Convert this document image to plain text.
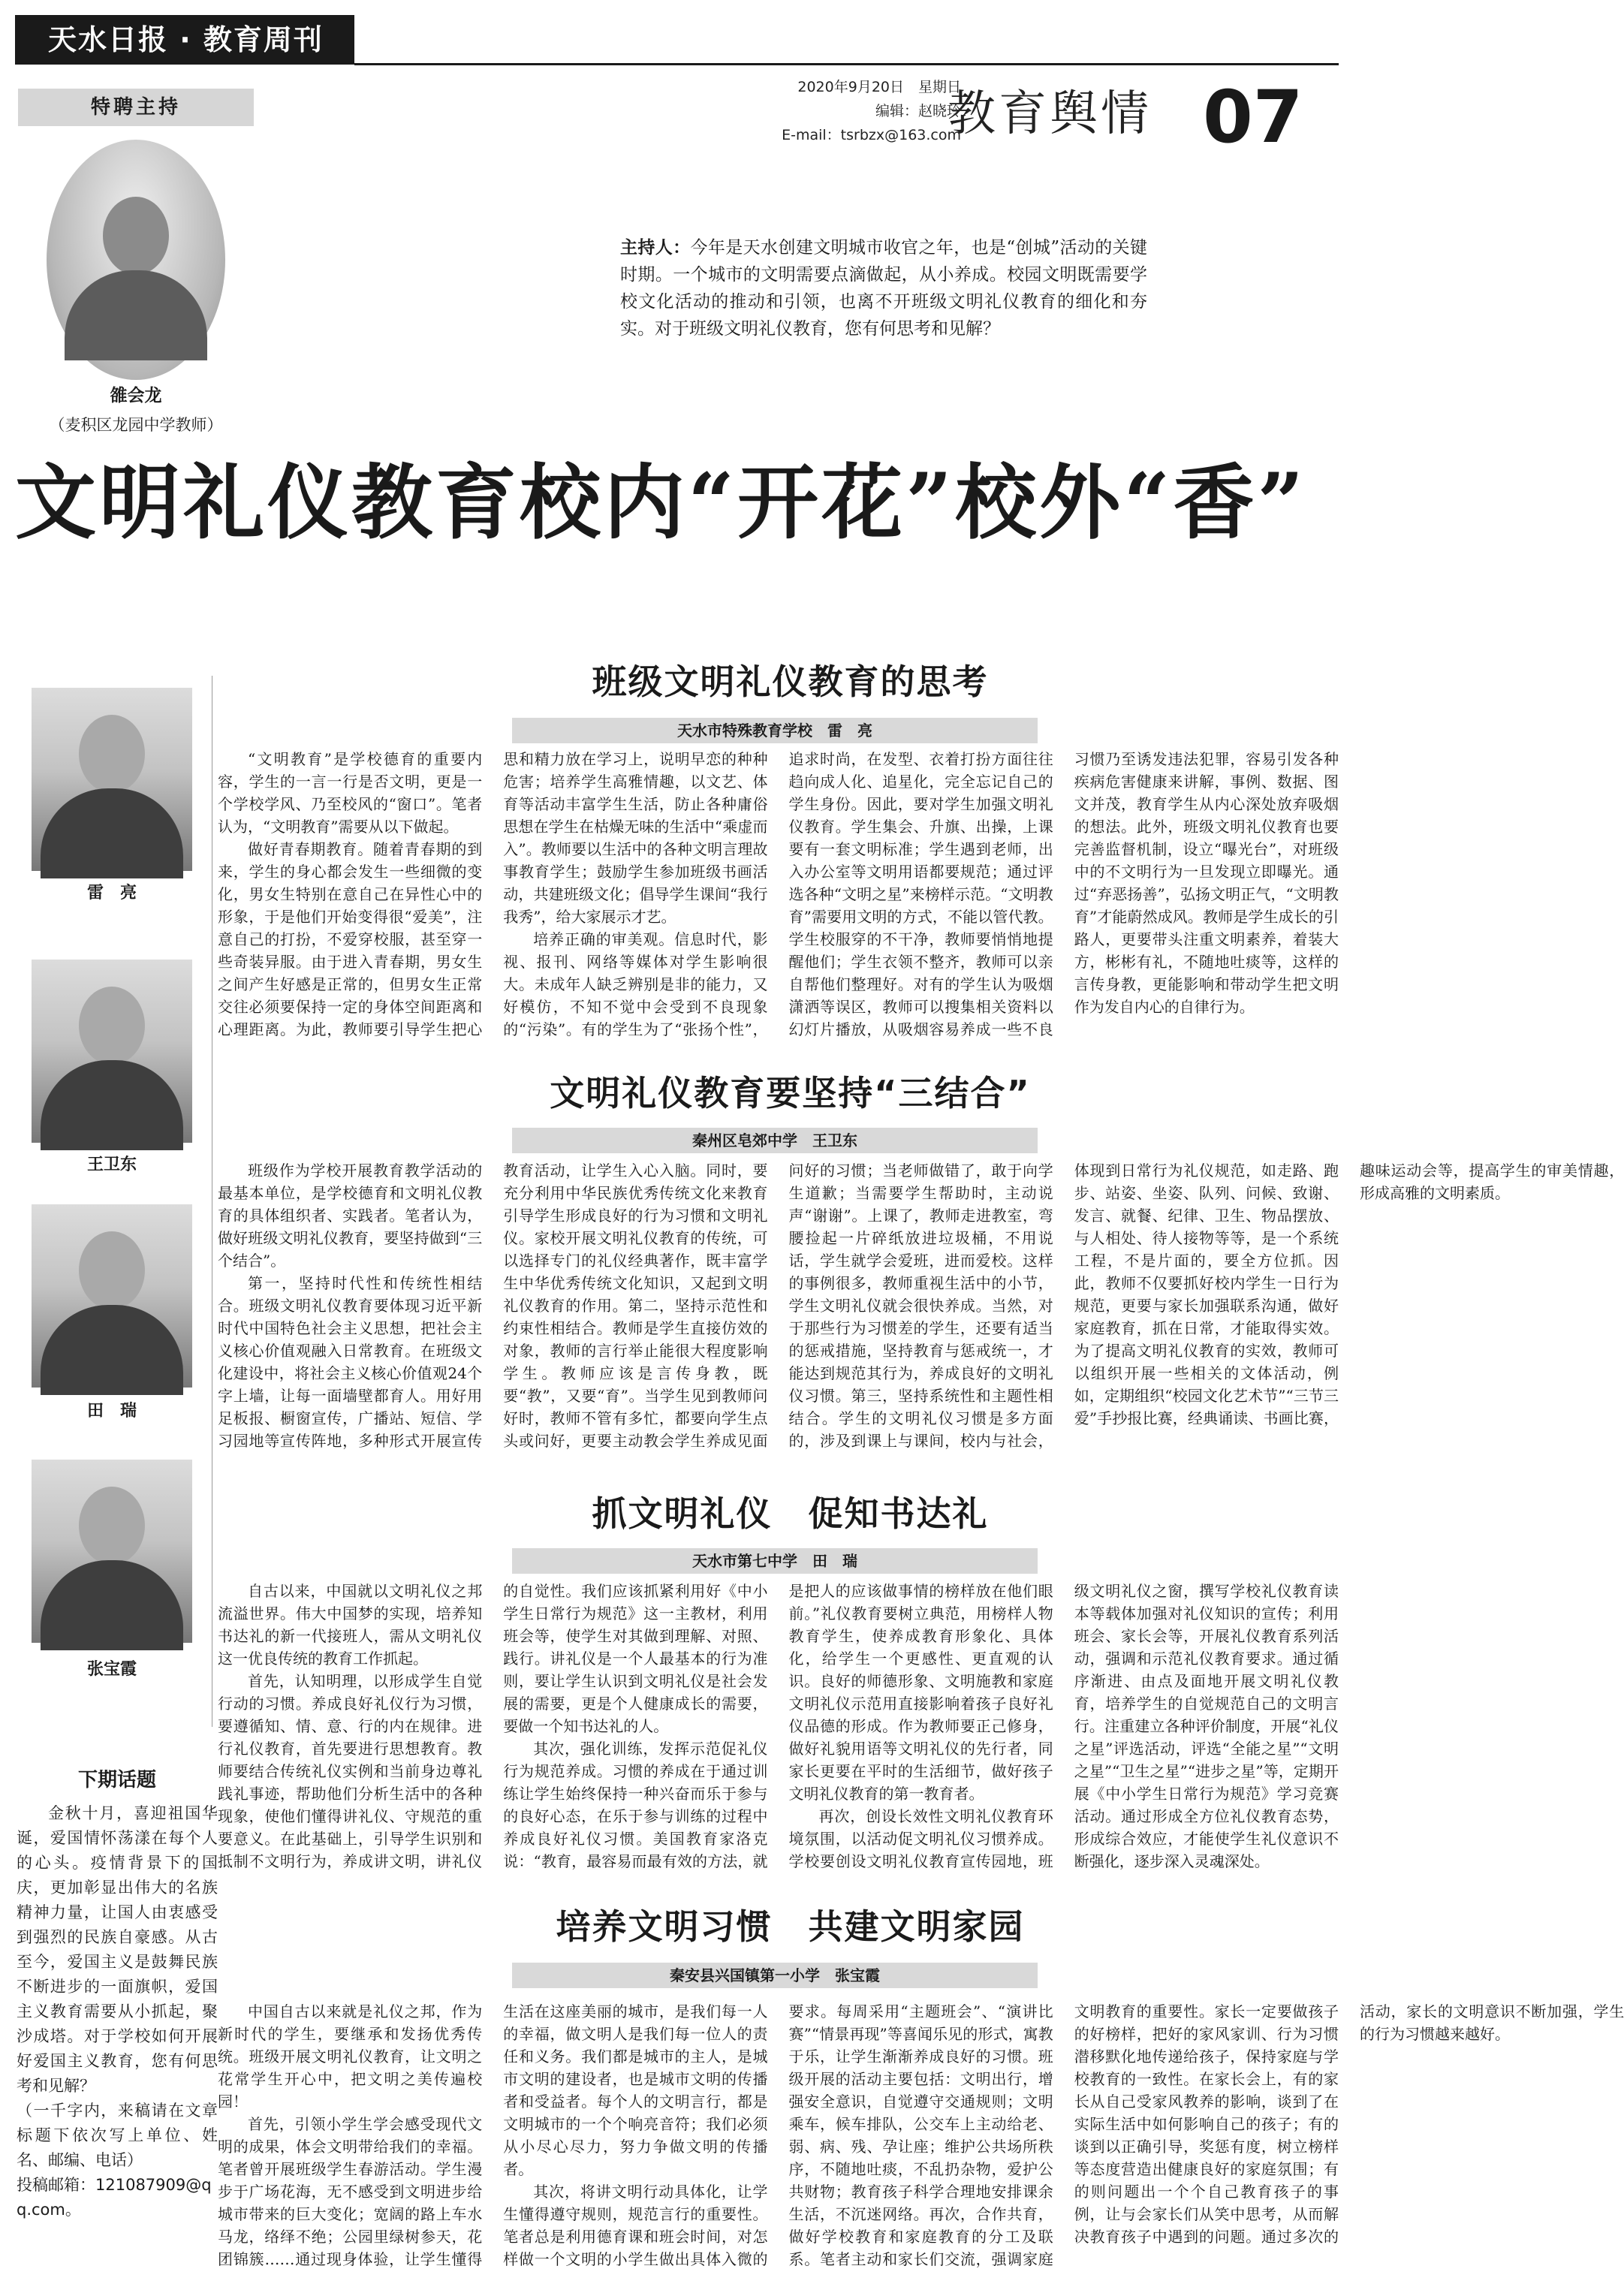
天水日报 · 教育周刊
2020年9月20日　星期日
编辑：赵晓玲
E-mail：tsrbzx@163.com
教育舆情 07
特聘主持
雒会龙
（麦积区龙园中学教师）
主持人：今年是天水创建文明城市收官之年，也是“创城”活动的关键时期。一个城市的文明需要点滴做起，从小养成。校园文明既需要学校文化活动的推动和引领，也离不开班级文明礼仪教育的细化和夯实。对于班级文明礼仪教育，您有何思考和见解？
文明礼仪教育校内“开花”校外“香”
雷　亮
王卫东
田　瑞
张宝霞
下期话题
金秋十月，喜迎祖国华诞，爱国情怀荡漾在每个人的心头。疫情背景下的国庆，更加彰显出伟大的名族精神力量，让国人由衷感受到强烈的民族自豪感。从古至今，爱国主义是鼓舞民族不断进步的一面旗帜，爱国主义教育需要从小抓起，聚沙成塔。对于学校如何开展好爱国主义教育，您有何思考和见解？
（一千字内，来稿请在文章标题下依次写上单位、姓名、邮编、电话）
投稿邮箱：121087909@qq.com。
班级文明礼仪教育的思考
天水市特殊教育学校　雷　亮

“文明教育”是学校德育的重要内容，学生的一言一行是否文明，更是一个学校学风、乃至校风的“窗口”。笔者认为，“文明教育”需要从以下做起。

做好青春期教育。随着青春期的到来，学生的身心都会发生一些细微的变化，男女生特别在意自己在异性心中的形象，于是他们开始变得很“爱美”，注意自己的打扮，不爱穿校服，甚至穿一些奇装异服。由于进入青春期，男女生之间产生好感是正常的，但男女生正常交往必须要保持一定的身体空间距离和心理距离。为此，教师要引导学生把心思和精力放在学习上，说明早恋的种种危害；培养学生高雅情趣，以文艺、体育等活动丰富学生生活，防止各种庸俗思想在学生在枯燥无味的生活中“乘虚而入”。教师要以生活中的各种文明言理故事教育学生；鼓励学生参加班级书画活动，共建班级文化；倡导学生课间“我行我秀”，给大家展示才艺。

培养正确的审美观。信息时代，影视、报刊、网络等媒体对学生影响很大。未成年人缺乏辨别是非的能力，又好模仿，不知不觉中会受到不良现象的“污染”。有的学生为了“张扬个性”，追求时尚，在发型、衣着打扮方面往往趋向成人化、追星化，完全忘记自己的学生身份。因此，要对学生加强文明礼仪教育。学生集会、升旗、出操，上课要有一套文明标准；学生遇到老师，出入办公室等文明用语都要规范；通过评选各种“文明之星”来榜样示范。“文明教育”需要用文明的方式，不能以管代教。学生校服穿的不干净，教师要悄悄地提醒他们；学生衣领不整齐，教师可以亲自帮他们整理好。对有的学生认为吸烟潇洒等误区，教师可以搜集相关资料以幻灯片播放，从吸烟容易养成一些不良习惯乃至诱发违法犯罪，容易引发各种疾病危害健康来讲解，事例、数据、图文并茂，教育学生从内心深处放弃吸烟的想法。此外，班级文明礼仪教育也要完善监督机制，设立“曝光台”，对班级中的不文明行为一旦发现立即曝光。通过“弃恶扬善”，弘扬文明正气，“文明教育”才能蔚然成风。教师是学生成长的引路人，更要带头注重文明素养，着装大方，彬彬有礼，不随地吐痰等，这样的言传身教，更能影响和带动学生把文明作为发自内心的自律行为。

文明礼仪教育要坚持“三结合”
秦州区皂郊中学　王卫东

班级作为学校开展教育教学活动的最基本单位，是学校德育和文明礼仪教育的具体组织者、实践者。笔者认为，做好班级文明礼仪教育，要坚持做到“三个结合”。

第一，坚持时代性和传统性相结合。班级文明礼仪教育要体现习近平新时代中国特色社会主义思想，把社会主义核心价值观融入日常教育。在班级文化建设中，将社会主义核心价值观24个字上墙，让每一面墙壁都育人。用好用足板报、橱窗宣传，广播站、短信、学习园地等宣传阵地，多种形式开展宣传教育活动，让学生入心入脑。同时，要充分利用中华民族优秀传统文化来教育引导学生形成良好的行为习惯和文明礼仪。家校开展文明礼仪教育的传统，可以选择专门的礼仪经典著作，既丰富学生中华优秀传统文化知识，又起到文明礼仪教育的作用。第二，坚持示范性和约束性相结合。教师是学生直接仿效的对象，教师的言行举止能很大程度影响学生。教师应该是言传身教，既要“教”，又要“育”。当学生见到教师问好时，教师不管有多忙，都要向学生点头或问好，更要主动教会学生养成见面问好的习惯；当老师做错了，敢于向学生道歉；当需要学生帮助时，主动说声“谢谢”。上课了，教师走进教室，弯腰捡起一片碎纸放进垃圾桶，不用说话，学生就学会爱班，进而爱校。这样的事例很多，教师重视生活中的小节，学生文明礼仪就会很快养成。当然，对于那些行为习惯差的学生，还要有适当的惩戒措施，坚持教育与惩戒统一，才能达到规范其行为，养成良好的文明礼仪习惯。第三，坚持系统性和主题性相结合。学生的文明礼仪习惯是多方面的，涉及到课上与课间，校内与社会，体现到日常行为礼仪规范，如走路、跑步、站姿、坐姿、队列、问候、致谢、发言、就餐、纪律、卫生、物品摆放、与人相处、待人接物等等，是一个系统工程，不是片面的，要全方位抓。因此，教师不仅要抓好校内学生一日行为规范，更要与家长加强联系沟通，做好家庭教育，抓在日常，才能取得实效。为了提高文明礼仪教育的实效，教师可以组织开展一些相关的文体活动，例如，定期组织“校园文化艺术节”“三节三爱”手抄报比赛，经典诵读、书画比赛，趣味运动会等，提高学生的审美情趣，形成高雅的文明素质。

抓文明礼仪　促知书达礼
天水市第七中学　田　瑞

自古以来，中国就以文明礼仪之邦流溢世界。伟大中国梦的实现，培养知书达礼的新一代接班人，需从文明礼仪这一优良传统的教育工作抓起。

首先，认知明理，以形成学生自觉行动的习惯。养成良好礼仪行为习惯，要遵循知、情、意、行的内在规律。进行礼仪教育，首先要进行思想教育。教师要结合传统礼仪实例和当前身边尊礼践礼事迹，帮助他们分析生活中的各种现象，使他们懂得讲礼仪、守规范的重要意义。在此基础上，引导学生识别和抵制不文明行为，养成讲文明，讲礼仪的自觉性。我们应该抓紧利用好《中小学生日常行为规范》这一主教材，利用班会等，使学生对其做到理解、对照、践行。讲礼仪是一个人最基本的行为准则，要让学生认识到文明礼仪是社会发展的需要，更是个人健康成长的需要，要做一个知书达礼的人。

其次，强化训练，发挥示范促礼仪行为规范养成。习惯的养成在于通过训练让学生始终保持一种兴奋而乐于参与的良好心态，在乐于参与训练的过程中养成良好礼仪习惯。美国教育家洛克说：“教育，最容易而最有效的方法，就是把人的应该做事情的榜样放在他们眼前。”礼仪教育要树立典范，用榜样人物教育学生，使养成教育形象化、具体化，给学生一个更感性、更直观的认识。良好的师德形象、文明施教和家庭文明礼仪示范用直接影响着孩子良好礼仪品德的形成。作为教师要正己修身，做好礼貌用语等文明礼仪的先行者，同家长更要在平时的生活细节，做好孩子文明礼仪教育的第一教育者。

再次，创设长效性文明礼仪教育环境氛围，以活动促文明礼仪习惯养成。学校要创设文明礼仪教育宣传园地，班级文明礼仪之窗，撰写学校礼仪教育读本等载体加强对礼仪知识的宣传；利用班会、家长会等，开展礼仪教育系列活动，强调和示范礼仪教育要求。通过循序渐进、由点及面地开展文明礼仪教育，培养学生的自觉规范自己的文明言行。注重建立各种评价制度，开展“礼仪之星”评选活动，评选“全能之星”“文明之星”“卫生之星”“进步之星”等，定期开展《中小学生日常行为规范》学习竞赛活动。通过形成全方位礼仪教育态势，形成综合效应，才能使学生礼仪意识不断强化，逐步深入灵魂深处。

培养文明习惯　共建文明家园
秦安县兴国镇第一小学　张宝霞

中国自古以来就是礼仪之邦，作为新时代的学生，要继承和发扬优秀传统。班级开展文明礼仪教育，让文明之花常学生开心中，把文明之美传遍校园！

首先，引领小学生学会感受现代文明的成果，体会文明带给我们的幸福。笔者曾开展班级学生春游活动。学生漫步于广场花海，无不感受到文明进步给城市带来的巨大变化；宽阔的路上车水马龙，络绎不绝；公园里绿树参天，花团锦簇……通过现身体验，让学生懂得生活在这座美丽的城市，是我们每一人的幸福，做文明人是我们每一位人的责任和义务。我们都是城市的主人，是城市文明的建设者，也是城市文明的传播者和受益者。每个人的文明言行，都是文明城市的一个个响亮音符；我们必须从小尽心尽力，努力争做文明的传播者。

其次，将讲文明行动具体化，让学生懂得遵守规则，规范言行的重要性。笔者总是利用德育课和班会时间，对怎样做一个文明的小学生做出具体入微的要求。每周采用“主题班会”、“演讲比赛”“情景再现”等喜闻乐见的形式，寓教于乐，让学生渐渐养成良好的习惯。班级开展的活动主要包括：文明出行，增强安全意识，自觉遵守交通规则；文明乘车，候车排队，公交车上主动给老、弱、病、残、孕让座；维护公共场所秩序，不随地吐痰，不乱扔杂物，爱护公共财物；教育孩子科学合理地安排课余生活，不沉迷网络。再次，合作共育，做好学校教育和家庭教育的分工及联系。笔者主动和家长们交流，强调家庭文明教育的重要性。家长一定要做孩子的好榜样，把好的家风家训、行为习惯潜移默化地传递给孩子，保持家庭与学校教育的一致性。在家长会上，有的家长从自己受家风教养的影响，谈到了在实际生活中如何影响自己的孩子；有的谈到以正确引导，奖惩有度，树立榜样等态度营造出健康良好的家庭氛围；有的则问题出一个个自己教育孩子的事例，让与会家长们从笑中思考，从而解决教育孩子中遇到的问题。通过多次的活动，家长的文明意识不断加强，学生的行为习惯越来越好。
